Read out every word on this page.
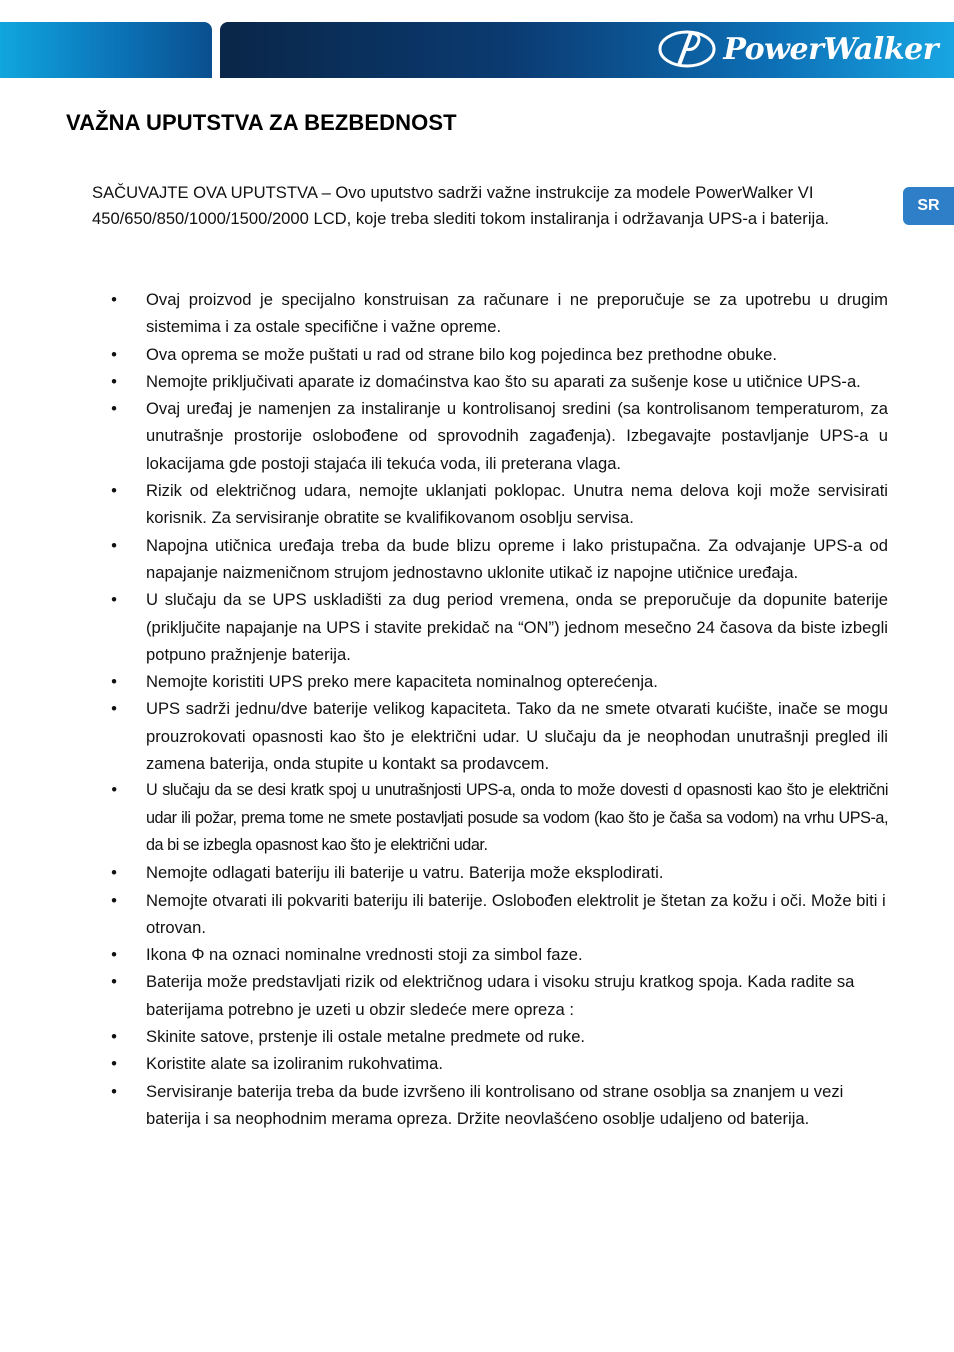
PowerWalker
SR
VAŽNA UPUTSTVA ZA BEZBEDNOST

SAČUVAJTE OVA UPUTSTVA – Ovo uputstvo sadrži važne instrukcije za modele PowerWalker VI 450/650/850/1000/1500/2000 LCD, koje treba slediti tokom instaliranja i održavanja UPS-a i baterija.

• Ovaj proizvod je specijalno konstruisan za računare i ne preporučuje se za upotrebu u drugim sistemima i za ostale specifične i važne opreme.
• Ova oprema se može puštati u rad od strane bilo kog pojedinca bez prethodne obuke.
• Nemojte priključivati aparate iz domaćinstva kao što su aparati za sušenje kose u utičnice UPS-a.
• Ovaj uređaj je namenjen za instaliranje u kontrolisanoj sredini (sa kontrolisanom temperaturom, za unutrašnje prostorije oslobođene od sprovodnih zagađenja). Izbegavajte postavljanje UPS-a u lokacijama gde postoji stajaća ili tekuća voda, ili preterana vlaga.
• Rizik od električnog udara, nemojte uklanjati poklopac. Unutra nema delova koji može servisirati korisnik. Za servisiranje obratite se kvalifikovanom osoblju servisa.
• Napojna utičnica uređaja treba da bude blizu opreme i lako pristupačna. Za odvajanje UPS-a od napajanje naizmeničnom strujom jednostavno uklonite utikač iz napojne utičnice uređaja.
• U slučaju da se UPS uskladišti za dug period vremena, onda se preporučuje da dopunite baterije (priključite napajanje na UPS i stavite prekidač na “ON”) jednom mesečno 24 časova da biste izbegli potpuno pražnjenje baterija.
• Nemojte koristiti UPS preko mere kapaciteta nominalnog opterećenja.
• UPS sadrži jednu/dve baterije velikog kapaciteta. Tako da ne smete otvarati kućište, inače se mogu prouzrokovati opasnosti kao što je električni udar. U slučaju da je neophodan unutrašnji pregled ili zamena baterija, onda stupite u kontakt sa prodavcem.
• U slučaju da se desi kratk spoj u unutrašnjosti UPS-a, onda to može dovesti d opasnosti kao što je električni udar ili požar, prema tome ne smete postavljati posude sa vodom (kao što je čaša sa vodom) na vrhu UPS-a, da bi se izbegla opasnost kao što je električni udar.
• Nemojte odlagati bateriju ili baterije u vatru. Baterija može eksplodirati.
• Nemojte otvarati ili pokvariti bateriju ili baterije. Oslobođen elektrolit je štetan za kožu i oči. Može biti i otrovan.
• Ikona Φ na oznaci nominalne vrednosti stoji za simbol faze.
• Baterija može predstavljati rizik od električnog udara i visoku struju kratkog spoja. Kada radite sa baterijama potrebno je uzeti u obzir sledeće mere opreza :
• Skinite satove, prstenje ili ostale metalne predmete od ruke.
• Koristite alate sa izoliranim rukohvatima.
• Servisiranje baterija treba da bude izvršeno ili kontrolisano od strane osoblja sa znanjem u vezi baterija i sa neophodnim merama opreza. Držite neovlašćeno osoblje udaljeno od baterija.
